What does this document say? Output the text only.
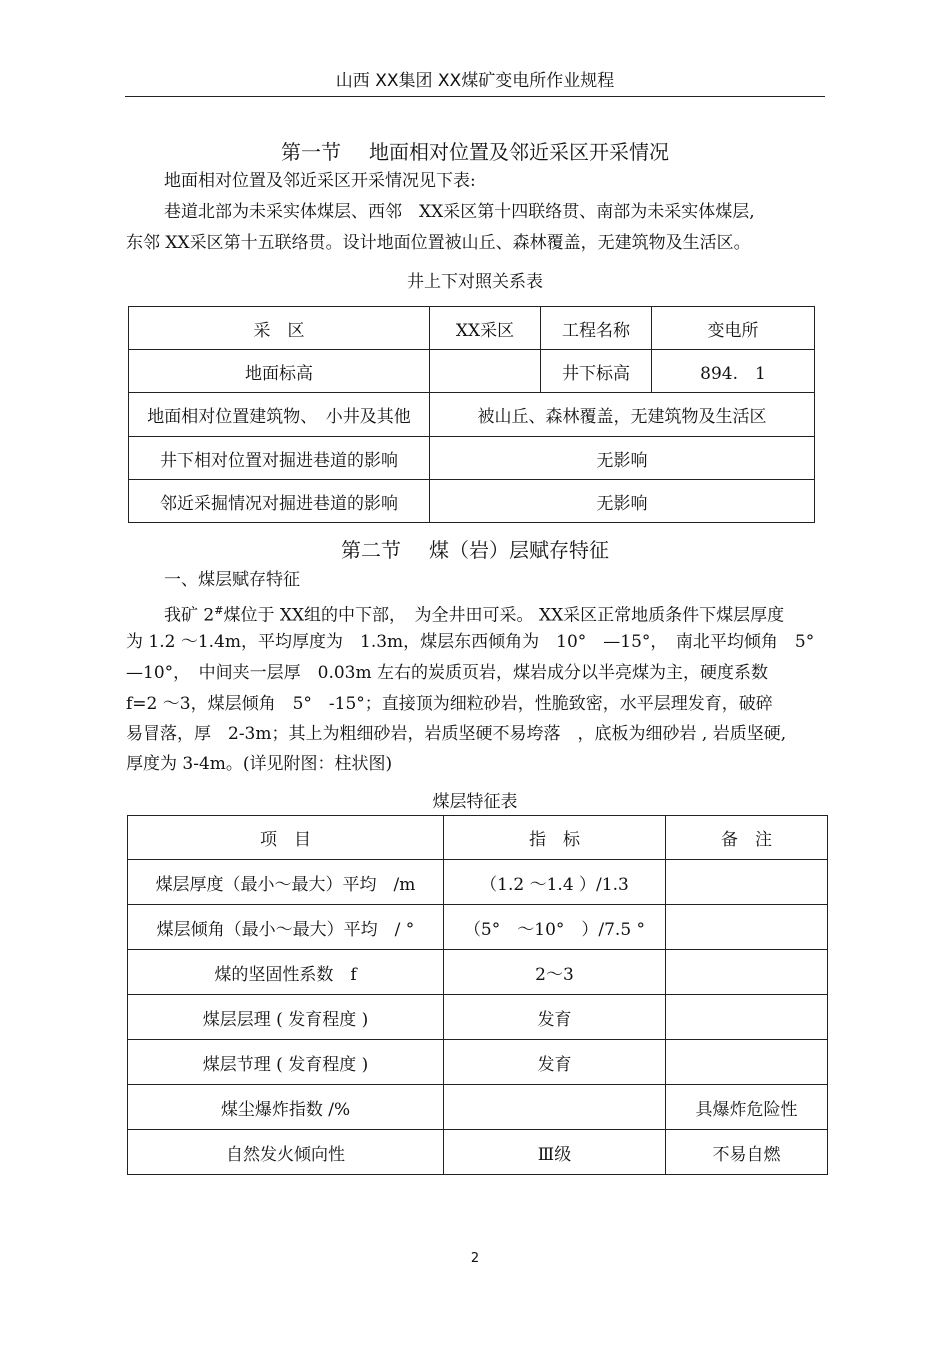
山西 XX集团 XX煤矿变电所作业规程
第一节 地面相对位置及邻近采区开采情况
地面相对位置及邻近采区开采情况见下表:
巷道北部为未采实体煤层、西邻　XX采区第十四联络贯、南部为未采实体煤层,
东邻 XX采区第十五联络贯。设计地面位置被山丘、森林覆盖，无建筑物及生活区。
井上下对照关系表
采　区	XX采区	工程名称	变电所
地面标高		井下标高	894.　1
地面相对位置建筑物、　小井及其他	被山丘、森林覆盖，无建筑物及生活区		
井下相对位置对掘进巷道的影响	无影响		
邻近采掘情况对掘进巷道的影响	无影响		
第二节 煤（岩）层赋存特征
一、煤层赋存特征
我矿 2#煤位于 XX组的中下部，　为全井田可采。 XX采区正常地质条件下煤层厚度
为 1.2 ～1.4m，平均厚度为　1.3m，煤层东西倾角为　10°　—15°，　南北平均倾角　5°
—10°，　中间夹一层厚　0.03m 左右的炭质页岩，煤岩成分以半亮煤为主，硬度系数
f=2 ～3，煤层倾角　5°　-15°；直接顶为细粒砂岩，性脆致密，水平层理发育，破碎
易冒落，厚　2-3m；其上为粗细砂岩，岩质坚硬不易垮落　，底板为细砂岩 , 岩质坚硬,
厚度为 3-4m。(详见附图：柱状图)
煤层特征表
项　目	指　标	备　注
煤层厚度（最小～最大）平均　/m	（1.2 ～1.4 ）/1.3	
煤层倾角（最小～最大）平均　/ °	（5°　～10°　）/7.5 °	
煤的坚固性系数　f	2～3	
煤层层理 ( 发育程度 )	发育	
煤层节理 ( 发育程度 )	发育	
煤尘爆炸指数 /%		具爆炸危险性
自然发火倾向性	Ⅲ级	不易自燃
2
